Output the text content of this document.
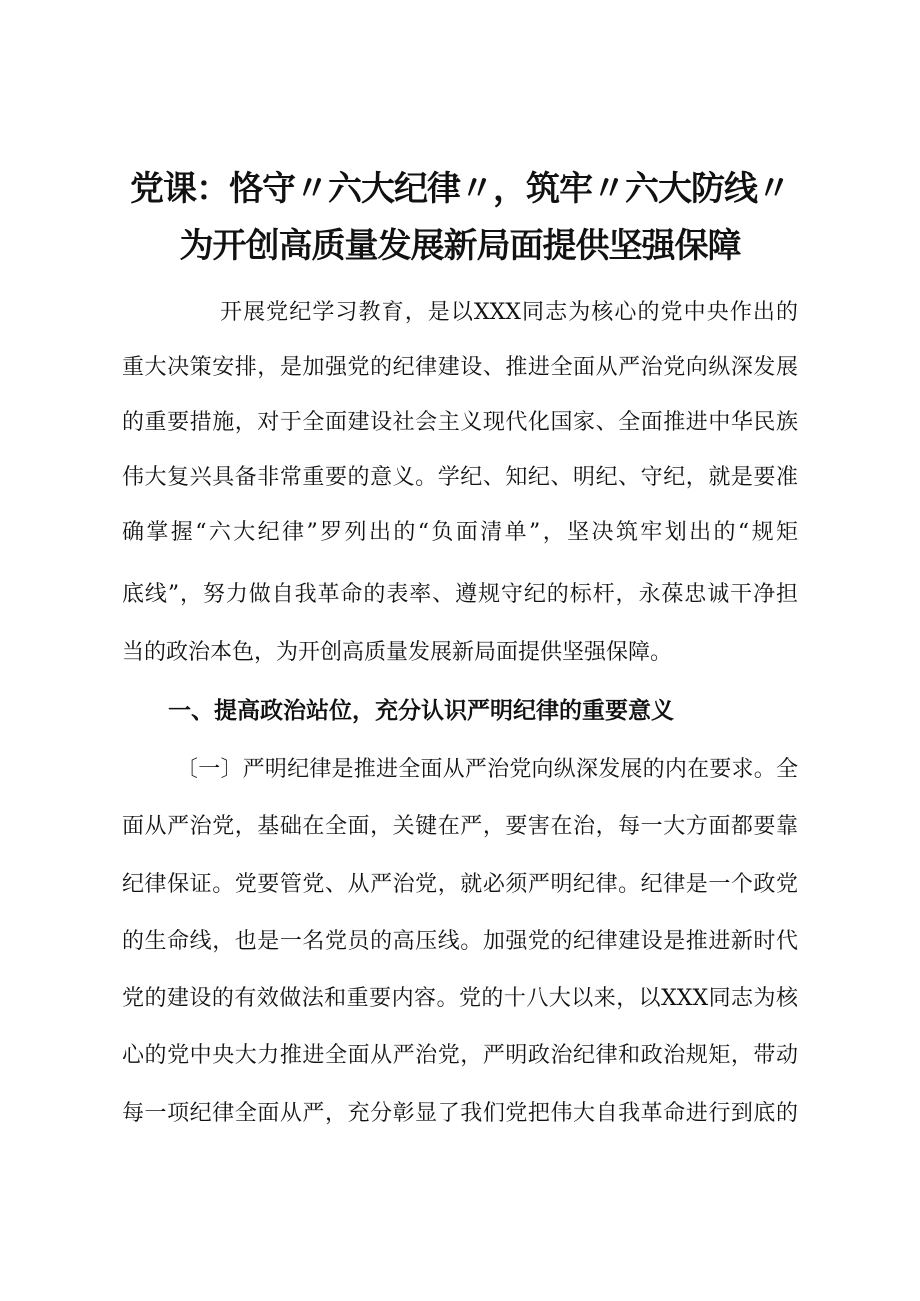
党课：恪守〃六大纪律〃，筑牢〃六大防线〃
为开创高质量发展新局面提供坚强保障

开展党纪学习教育，是以XXX同志为核心的党中央作出的

重大决策安排，是加强党的纪律建设、推进全面从严治党向纵深发展

的重要措施，对于全面建设社会主义现代化国家、全面推进中华民族

伟大复兴具备非常重要的意义。学纪、知纪、明纪、守纪，就是要准

确掌握“六大纪律”罗列出的“负面清单”，坚决筑牢划出的“规矩

底线”，努力做自我革命的表率、遵规守纪的标杆，永葆忠诚干净担

当的政治本色，为开创高质量发展新局面提供坚强保障。

一、提高政治站位，充分认识严明纪律的重要意义

〔一〕严明纪律是推进全面从严治党向纵深发展的内在要求。全

面从严治党，基础在全面，关键在严，要害在治，每一大方面都要靠

纪律保证。党要管党、从严治党，就必须严明纪律。纪律是一个政党

的生命线，也是一名党员的高压线。加强党的纪律建设是推进新时代

党的建设的有效做法和重要内容。党的十八大以来，以XXX同志为核

心的党中央大力推进全面从严治党，严明政治纪律和政治规矩，带动

每一项纪律全面从严，充分彰显了我们党把伟大自我革命进行到底的
